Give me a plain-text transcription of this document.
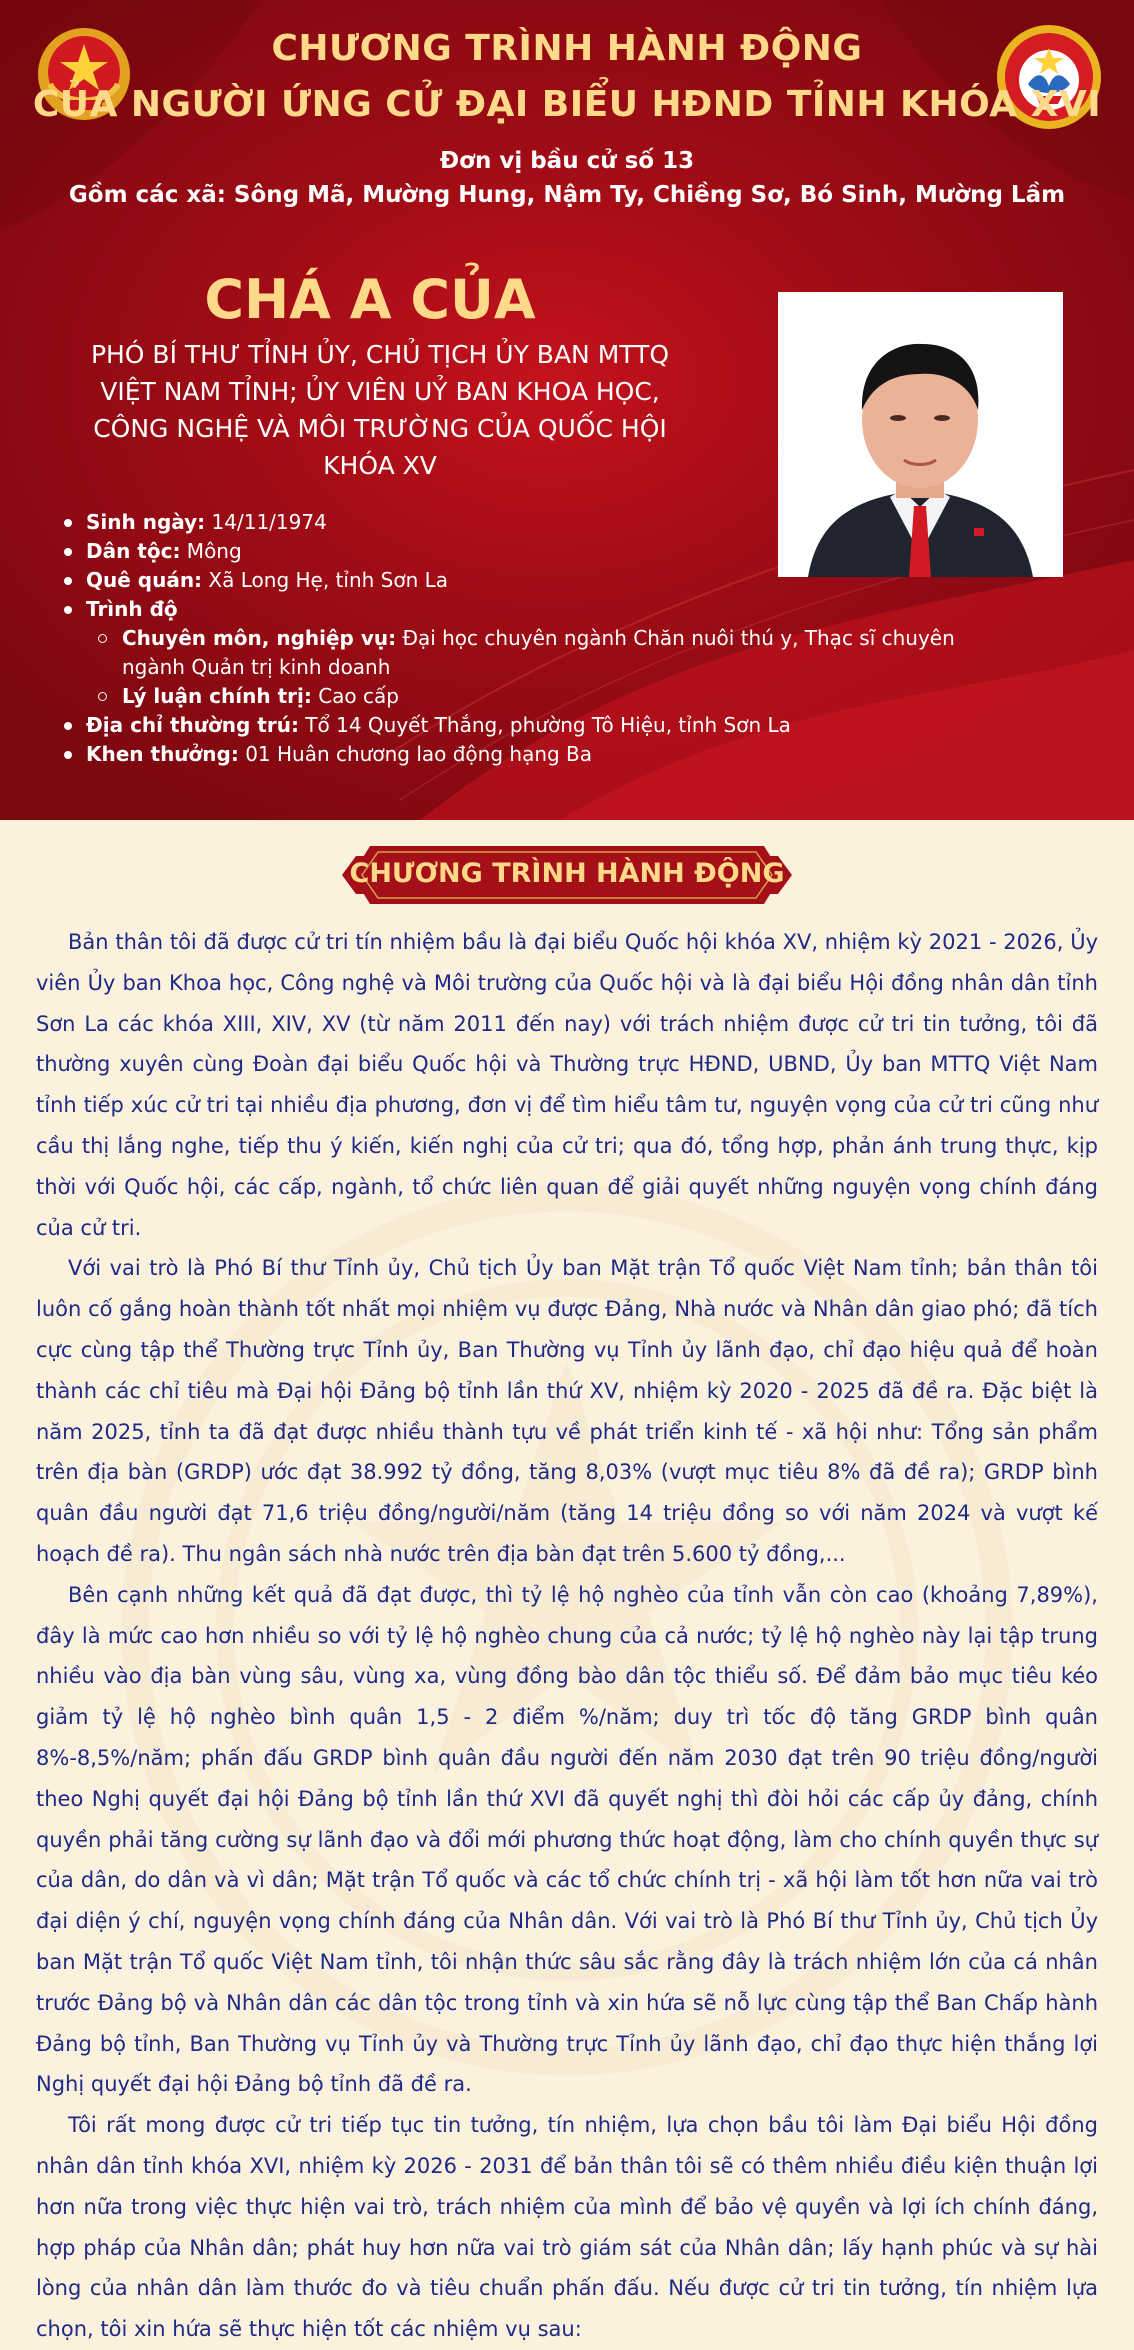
CHƯƠNG TRÌNH HÀNH ĐỘNG
CỦA NGƯỜI ỨNG CỬ ĐẠI BIỂU HĐND TỈNH KHÓA XVI
Đơn vị bầu cử số 13
Gồm các xã: Sông Mã, Mường Hung, Nậm Ty, Chiềng Sơ, Bó Sinh, Mường Lầm
CHÁ A CỦA
PHÓ BÍ THƯ TỈNH ỦY, CHỦ TỊCH ỦY BAN MTTQ VIỆT NAM TỈNH; ỦY VIÊN UỶ BAN KHOA HỌC, CÔNG NGHỆ VÀ MÔI TRƯỜNG CỦA QUỐC HỘI KHÓA XV
Sinh ngày: 14/11/1974
Dân tộc: Mông
Quê quán: Xã Long Hẹ, tỉnh Sơn La
Trình độ
Chuyên môn, nghiệp vụ: Đại học chuyên ngành Chăn nuôi thú y, Thạc sĩ chuyên ngành Quản trị kinh doanh
Lý luận chính trị: Cao cấp
Địa chỉ thường trú: Tổ 14 Quyết Thắng, phường Tô Hiệu, tỉnh Sơn La
Khen thưởng: 01 Huân chương lao động hạng Ba
CHƯƠNG TRÌNH HÀNH ĐỘNG

Bản thân tôi đã được cử tri tín nhiệm bầu là đại biểu Quốc hội khóa XV, nhiệm kỳ 2021 - 2026, Ủy viên Ủy ban Khoa học, Công nghệ và Môi trường của Quốc hội và là đại biểu Hội đồng nhân dân tỉnh Sơn La các khóa XIII, XIV, XV (từ năm 2011 đến nay) với trách nhiệm được cử tri tin tưởng, tôi đã thường xuyên cùng Đoàn đại biểu Quốc hội và Thường trực HĐND, UBND, Ủy ban MTTQ Việt Nam tỉnh tiếp xúc cử tri tại nhiều địa phương, đơn vị để tìm hiểu tâm tư, nguyện vọng của cử tri cũng như cầu thị lắng nghe, tiếp thu ý kiến, kiến nghị của cử tri; qua đó, tổng hợp, phản ánh trung thực, kịp thời với Quốc hội, các cấp, ngành, tổ chức liên quan để giải quyết những nguyện vọng chính đáng của cử tri.

Với vai trò là Phó Bí thư Tỉnh ủy, Chủ tịch Ủy ban Mặt trận Tổ quốc Việt Nam tỉnh; bản thân tôi luôn cố gắng hoàn thành tốt nhất mọi nhiệm vụ được Đảng, Nhà nước và Nhân dân giao phó; đã tích cực cùng tập thể Thường trực Tỉnh ủy, Ban Thường vụ Tỉnh ủy lãnh đạo, chỉ đạo hiệu quả để hoàn thành các chỉ tiêu mà Đại hội Đảng bộ tỉnh lần thứ XV, nhiệm kỳ 2020 - 2025 đã đề ra. Đặc biệt là năm 2025, tỉnh ta đã đạt được nhiều thành tựu về phát triển kinh tế - xã hội như: Tổng sản phẩm trên địa bàn (GRDP) ước đạt 38.992 tỷ đồng, tăng 8,03% (vượt mục tiêu 8% đã đề ra); GRDP bình quân đầu người đạt 71,6 triệu đồng/người/năm (tăng 14 triệu đồng so với năm 2024 và vượt kế hoạch đề ra). Thu ngân sách nhà nước trên địa bàn đạt trên 5.600 tỷ đồng,...

Bên cạnh những kết quả đã đạt được, thì tỷ lệ hộ nghèo của tỉnh vẫn còn cao (khoảng 7,89%), đây là mức cao hơn nhiều so với tỷ lệ hộ nghèo chung của cả nước; tỷ lệ hộ nghèo này lại tập trung nhiều vào địa bàn vùng sâu, vùng xa, vùng đồng bào dân tộc thiểu số. Để đảm bảo mục tiêu kéo giảm tỷ lệ hộ nghèo bình quân 1,5 - 2 điểm %/năm; duy trì tốc độ tăng GRDP bình quân 8%-8,5%/năm; phấn đấu GRDP bình quân đầu người đến năm 2030 đạt trên 90 triệu đồng/người theo Nghị quyết đại hội Đảng bộ tỉnh lần thứ XVI đã quyết nghị thì đòi hỏi các cấp ủy đảng, chính quyền phải tăng cường sự lãnh đạo và đổi mới phương thức hoạt động, làm cho chính quyền thực sự của dân, do dân và vì dân; Mặt trận Tổ quốc và các tổ chức chính trị - xã hội làm tốt hơn nữa vai trò đại diện ý chí, nguyện vọng chính đáng của Nhân dân. Với vai trò là Phó Bí thư Tỉnh ủy, Chủ tịch Ủy ban Mặt trận Tổ quốc Việt Nam tỉnh, tôi nhận thức sâu sắc rằng đây là trách nhiệm lớn của cá nhân trước Đảng bộ và Nhân dân các dân tộc trong tỉnh và xin hứa sẽ nỗ lực cùng tập thể Ban Chấp hành Đảng bộ tỉnh, Ban Thường vụ Tỉnh ủy và Thường trực Tỉnh ủy lãnh đạo, chỉ đạo thực hiện thắng lợi Nghị quyết đại hội Đảng bộ tỉnh đã đề ra.

Tôi rất mong được cử tri tiếp tục tin tưởng, tín nhiệm, lựa chọn bầu tôi làm Đại biểu Hội đồng nhân dân tỉnh khóa XVI, nhiệm kỳ 2026 - 2031 để bản thân tôi sẽ có thêm nhiều điều kiện thuận lợi hơn nữa trong việc thực hiện vai trò, trách nhiệm của mình để bảo vệ quyền và lợi ích chính đáng, hợp pháp của Nhân dân; phát huy hơn nữa vai trò giám sát của Nhân dân; lấy hạnh phúc và sự hài lòng của nhân dân làm thước đo và tiêu chuẩn phấn đấu. Nếu được cử tri tin tưởng, tín nhiệm lựa chọn, tôi xin hứa sẽ thực hiện tốt các nhiệm vụ sau:
